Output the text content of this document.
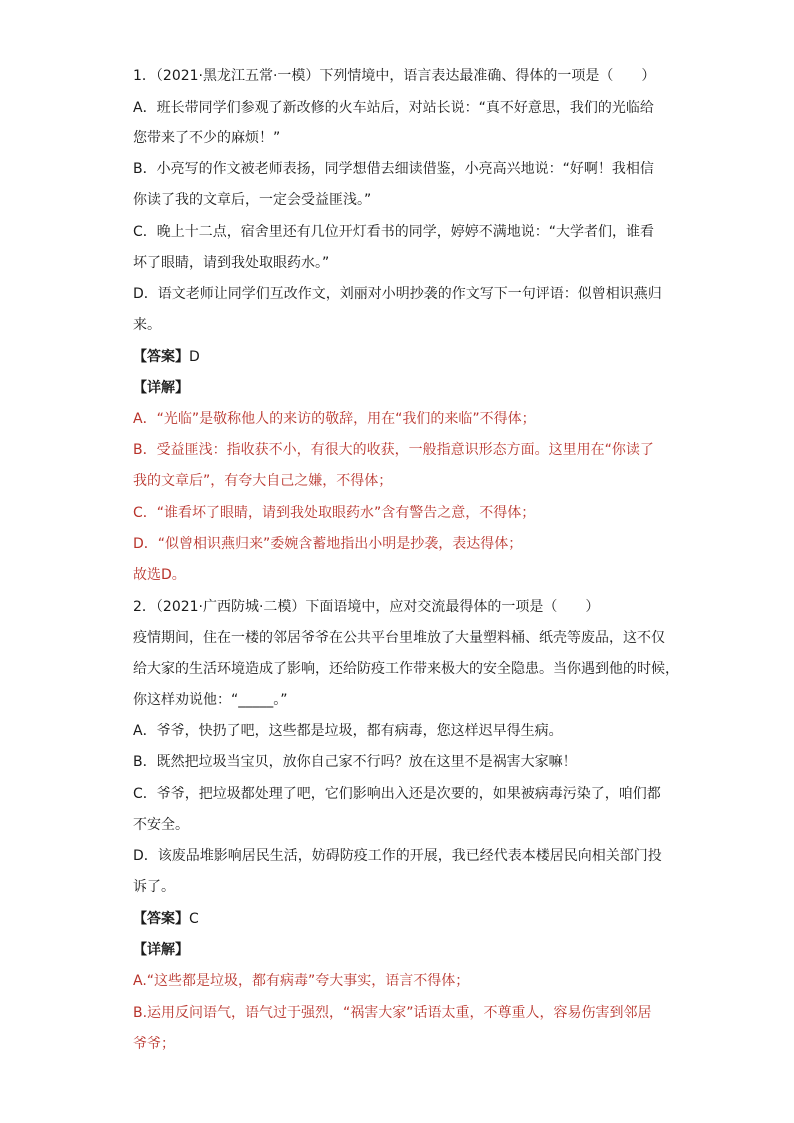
1．（2021·黑龙江五常·一模）下列情境中，语言表达最准确、得体的一项是（　　）
A．班长带同学们参观了新改修的火车站后，对站长说：“真不好意思，我们的光临给
您带来了不少的麻烦！”
B．小亮写的作文被老师表扬，同学想借去细读借鉴，小亮高兴地说：“好啊！我相信
你读了我的文章后，一定会受益匪浅。”
C．晚上十二点，宿舍里还有几位开灯看书的同学，婷婷不满地说：“大学者们，谁看
坏了眼睛，请到我处取眼药水。”
D．语文老师让同学们互改作文，刘丽对小明抄袭的作文写下一句评语：似曾相识燕归
来。
【答案】D
【详解】
A．“光临”是敬称他人的来访的敬辞，用在“我们的来临”不得体；
B．受益匪浅：指收获不小，有很大的收获，一般指意识形态方面。这里用在“你读了
我的文章后”，有夸大自己之嫌，不得体；
C．“谁看坏了眼睛，请到我处取眼药水”含有警告之意，不得体；
D．“似曾相识燕归来”委婉含蓄地指出小明是抄袭，表达得体；
故选D。
2．（2021·广西防城·二模）下面语境中，应对交流最得体的一项是（　　）
疫情期间，住在一楼的邻居爷爷在公共平台里堆放了大量塑料桶、纸壳等废品，这不仅
给大家的生活环境造成了影响，还给防疫工作带来极大的安全隐患。当你遇到他的时候，
你这样劝说他：“_____。”
A．爷爷，快扔了吧，这些都是垃圾，都有病毒，您这样迟早得生病。
B．既然把垃圾当宝贝，放你自己家不行吗？放在这里不是祸害大家嘛！
C．爷爷，把垃圾都处理了吧，它们影响出入还是次要的，如果被病毒污染了，咱们都
不安全。
D．该废品堆影响居民生活，妨碍防疫工作的开展，我已经代表本楼居民向相关部门投
诉了。
【答案】C
【详解】
A.“这些都是垃圾，都有病毒”夸大事实，语言不得体；
B.运用反问语气，语气过于强烈，“祸害大家”话语太重，不尊重人，容易伤害到邻居
爷爷；
